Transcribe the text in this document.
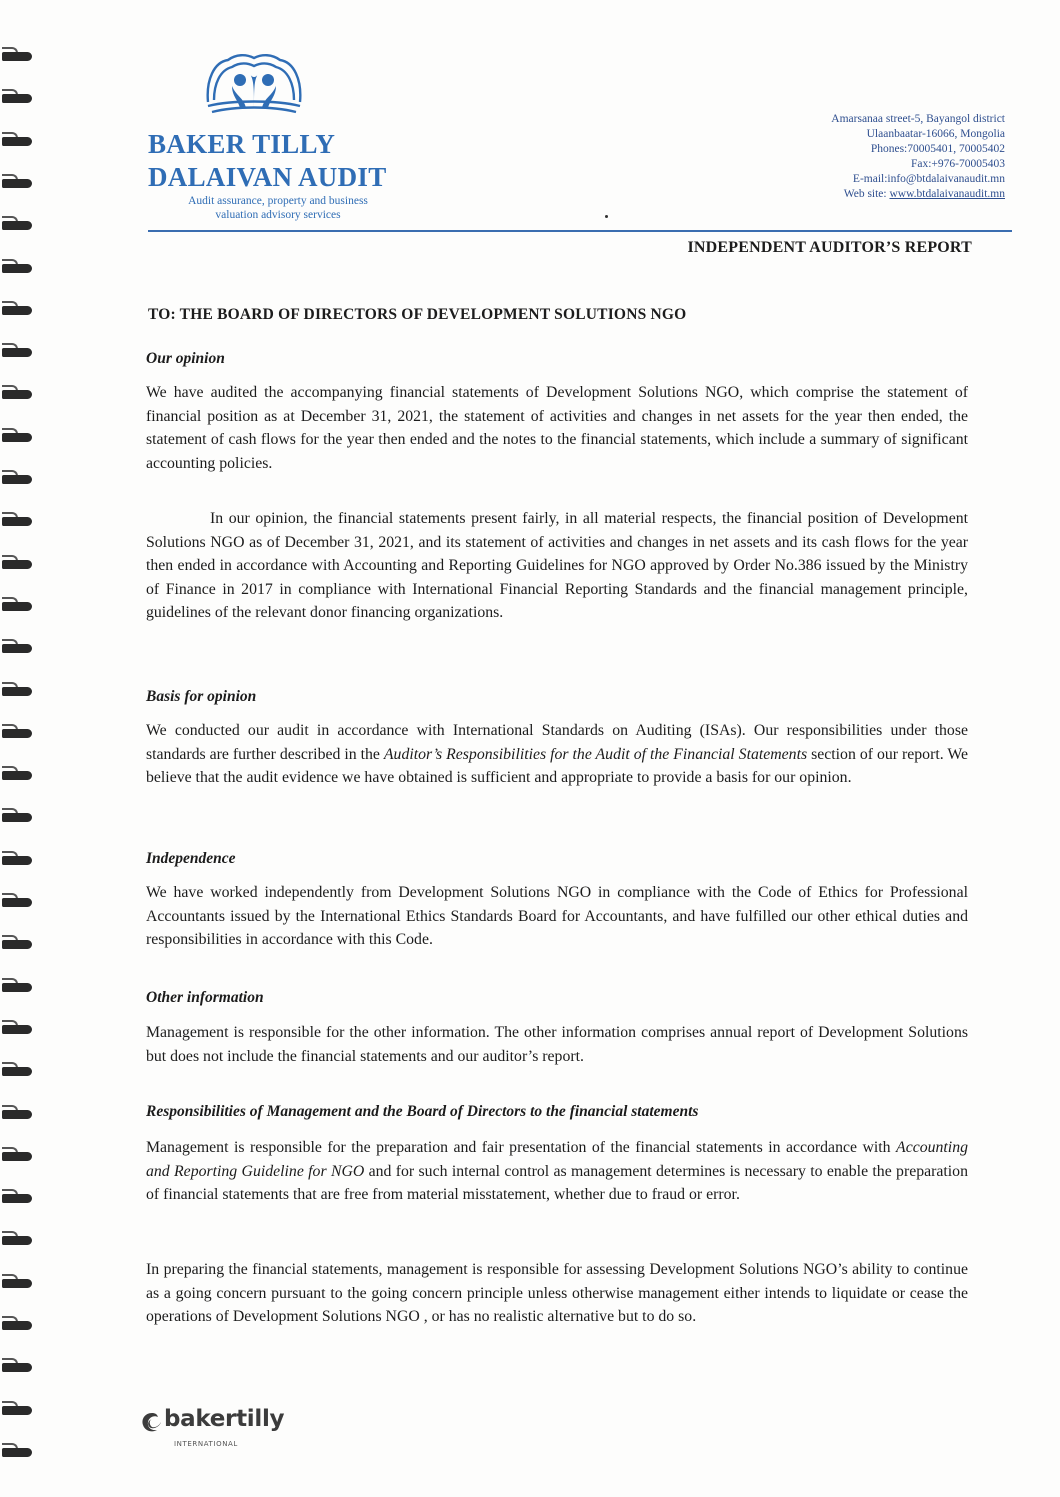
BAKER TILLY
DALAIVAN AUDIT
Audit assurance, property and business
valuation advisory services
Amarsanaa street-5, Bayangol district
Ulaanbaatar-16066, Mongolia
Phones:70005401, 70005402
Fax:+976-70005403
E-mail:info@btdalaivanaudit.mn
Web site: www.btdalaivanaudit.mn
INDEPENDENT AUDITOR’S REPORT
TO: THE BOARD OF DIRECTORS OF DEVELOPMENT SOLUTIONS NGO
Our opinion

We have audited the accompanying financial statements of Development Solutions NGO, which comprise the statement of financial position as at December 31, 2021, the statement of activities and changes in net assets for the year then ended, the statement of cash flows for the year then ended and the notes to the financial statements, which include a summary of significant accounting policies.

In our opinion, the financial statements present fairly, in all material respects, the financial position of Development Solutions NGO as of December 31, 2021, and its statement of activities and changes in net assets and its cash flows for the year then ended in accordance with Accounting and Reporting Guidelines for NGO approved by Order No.386 issued by the Ministry of Finance in 2017 in compliance with International Financial Reporting Standards and the financial management principle, guidelines of the relevant donor financing organizations.

Basis for opinion

We conducted our audit in accordance with International Standards on Auditing (ISAs). Our responsibilities under those standards are further described in the Auditor’s Responsibilities for the Audit of the Financial Statements section of our report. We believe that the audit evidence we have obtained is sufficient and appropriate to provide a basis for our opinion.

Independence

We have worked independently from Development Solutions NGO in compliance with the Code of Ethics for Professional Accountants issued by the International Ethics Standards Board for Accountants, and have fulfilled our other ethical duties and responsibilities in accordance with this Code.

Other information

Management is responsible for the other information. The other information comprises annual report of Development Solutions but does not include the financial statements and our auditor’s report.

Responsibilities of Management and the Board of Directors to the financial statements

Management is responsible for the preparation and fair presentation of the financial statements in accordance with Accounting and Reporting Guideline for NGO and for such internal control as management determines is necessary to enable the preparation of financial statements that are free from material misstatement, whether due to fraud or error.

In preparing the financial statements, management is responsible for assessing Development Solutions NGO’s ability to continue as a going concern pursuant to the going concern principle unless otherwise management either intends to liquidate or cease the operations of Development Solutions NGO , or has no realistic alternative but to do so.

bakertilly
INTERNATIONAL
